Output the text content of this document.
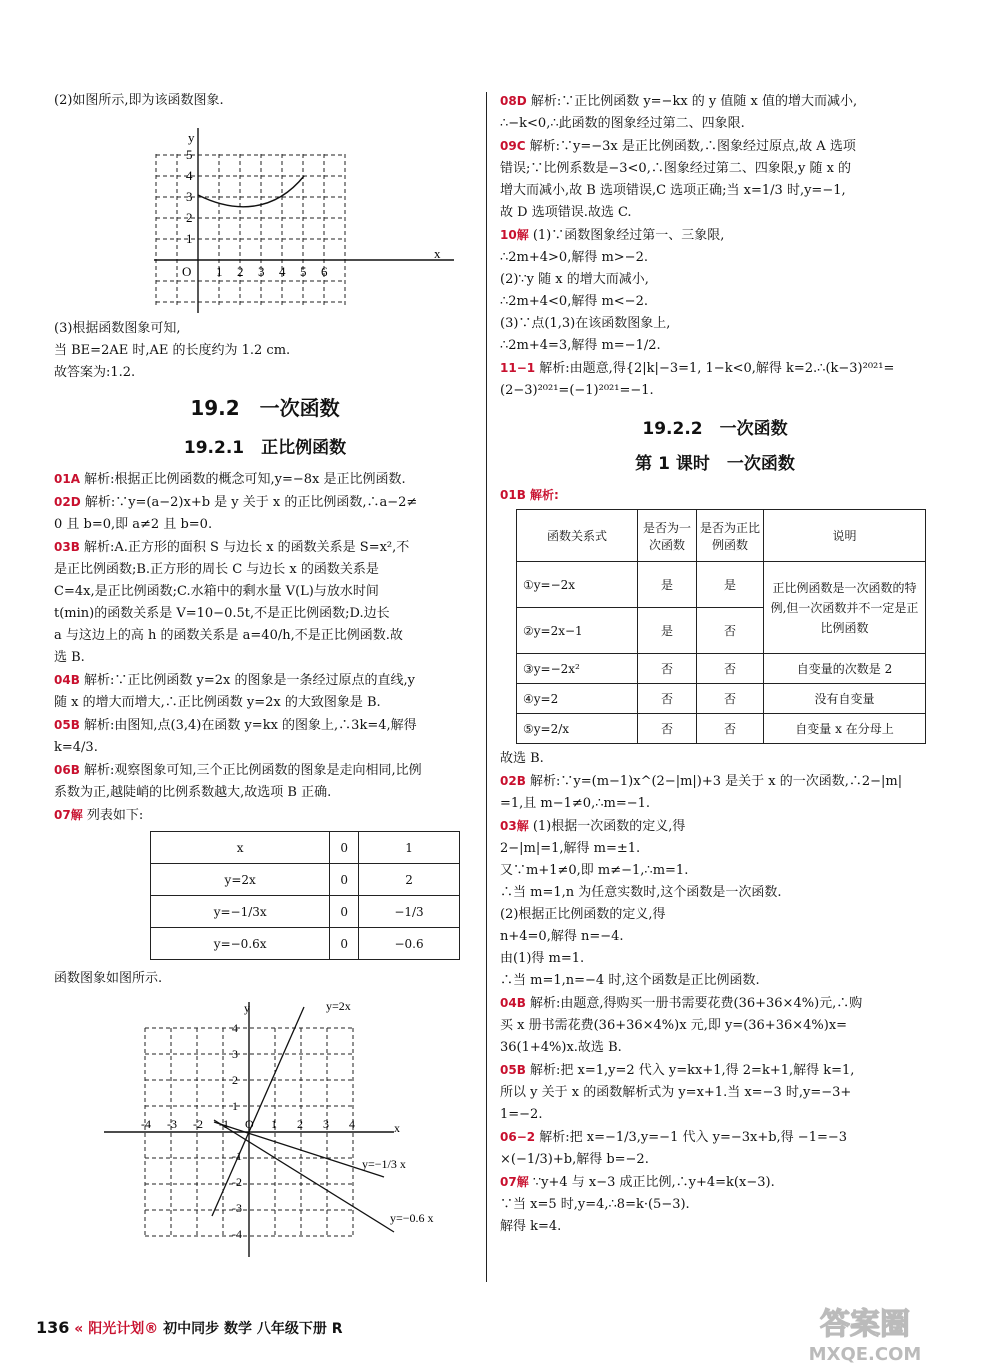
(2)如图所示,即为该函数图象.
1 2 3 4 5 6
1
2
3
4
5
O
x
y
(3)根据函数图象可知,
当 BE=2AE 时,AE 的长度约为 1.2 cm.
故答案为:1.2.
19.2　一次函数
19.2.1　正比例函数
01A 解析:根据正比例函数的概念可知,y=−8x 是正比例函数.
02D 解析:∵y=(a−2)x+b 是 y 关于 x 的正比例函数,∴a−2≠
0 且 b=0,即 a≠2 且 b=0.
03B 解析:A.正方形的面积 S 与边长 x 的函数关系是 S=x²,不
是正比例函数;B.正方形的周长 C 与边长 x 的函数关系是
C=4x,是正比例函数;C.水箱中的剩水量 V(L)与放水时间
t(min)的函数关系是 V=10−0.5t,不是正比例函数;D.边长
a 与这边上的高 h 的函数关系是 a=40/h,不是正比例函数.故
选 B.
04B 解析:∵正比例函数 y=2x 的图象是一条经过原点的直线,y
随 x 的增大而增大,∴正比例函数 y=2x 的大致图象是 B.
05B 解析:由图知,点(3,4)在函数 y=kx 的图象上,∴3k=4,解得
k=4/3.
06B 解析:观察图象可知,三个正比例函数的图象是走向相同,比例
系数为正,越陡峭的比例系数越大,故选项 B 正确.
07解 列表如下:
x	0	1
y=2x	0	2
y=−1/3x	0	−1/3
y=−0.6x	0	−0.6
函数图象如图所示.
-4 -3 -2 -1 O 1 2 3 4
4
3
2
1
-1
-2
-3
-4
x
y	y=2x
y=−1/3 x
y=−0.6 x
08D 解析:∵正比例函数 y=−kx 的 y 值随 x 值的增大而减小,
∴−k<0,∴此函数的图象经过第二、四象限.
09C 解析:∵y=−3x 是正比例函数,∴图象经过原点,故 A 选项
错误;∵比例系数是−3<0,∴图象经过第二、四象限,y 随 x 的
增大而减小,故 B 选项错误,C 选项正确;当 x=1/3 时,y=−1,
故 D 选项错误.故选 C.
10解 (1)∵函数图象经过第一、三象限,
∴2m+4>0,解得 m>−2.
(2)∵y 随 x 的增大而减小,
∴2m+4<0,解得 m<−2.
(3)∵点(1,3)在该函数图象上,
∴2m+4=3,解得 m=−1/2.
11−1 解析:由题意,得{2|k|−3=1, 1−k<0,解得 k=2.∴(k−3)²⁰²¹=
(2−3)²⁰²¹=(−1)²⁰²¹=−1.
19.2.2　一次函数
第 1 课时　一次函数
01B 解析:
函数关系式	是否为一次函数	是否为正比例函数	说明
①y=−2x	是	是	正比例函数是一次函数的特例,但一次函数并不一定是正比例函数
②y=2x−1	是	否	
③y=−2x²	否	否	自变量的次数是 2
④y=2	否	否	没有自变量
⑤y=2/x	否	否	自变量 x 在分母上
故选 B.
02B 解析:∵y=(m−1)x^(2−|m|)+3 是关于 x 的一次函数,∴2−|m|
=1,且 m−1≠0,∴m=−1.
03解 (1)根据一次函数的定义,得
2−|m|=1,解得 m=±1.
又∵m+1≠0,即 m≠−1,∴m=1.
∴当 m=1,n 为任意实数时,这个函数是一次函数.
(2)根据正比例函数的定义,得
n+4=0,解得 n=−4.
由(1)得 m=1.
∴当 m=1,n=−4 时,这个函数是正比例函数.
04B 解析:由题意,得购买一册书需要花费(36+36×4%)元,∴购
买 x 册书需花费(36+36×4%)x 元,即 y=(36+36×4%)x=
36(1+4%)x.故选 B.
05B 解析:把 x=1,y=2 代入 y=kx+1,得 2=k+1,解得 k=1,
所以 y 关于 x 的函数解析式为 y=x+1.当 x=−3 时,y=−3+
1=−2.
06−2 解析:把 x=−1/3,y=−1 代入 y=−3x+b,得 −1=−3
×(−1/3)+b,解得 b=−2.
07解 ∵y+4 与 x−3 成正比例,∴y+4=k(x−3).
∵当 x=5 时,y=4,∴8=k·(5−3).
解得 k=4.
136 « 阳光计划® 初中同步 数学 八年级下册 R	答案圈
MXQE.COM
